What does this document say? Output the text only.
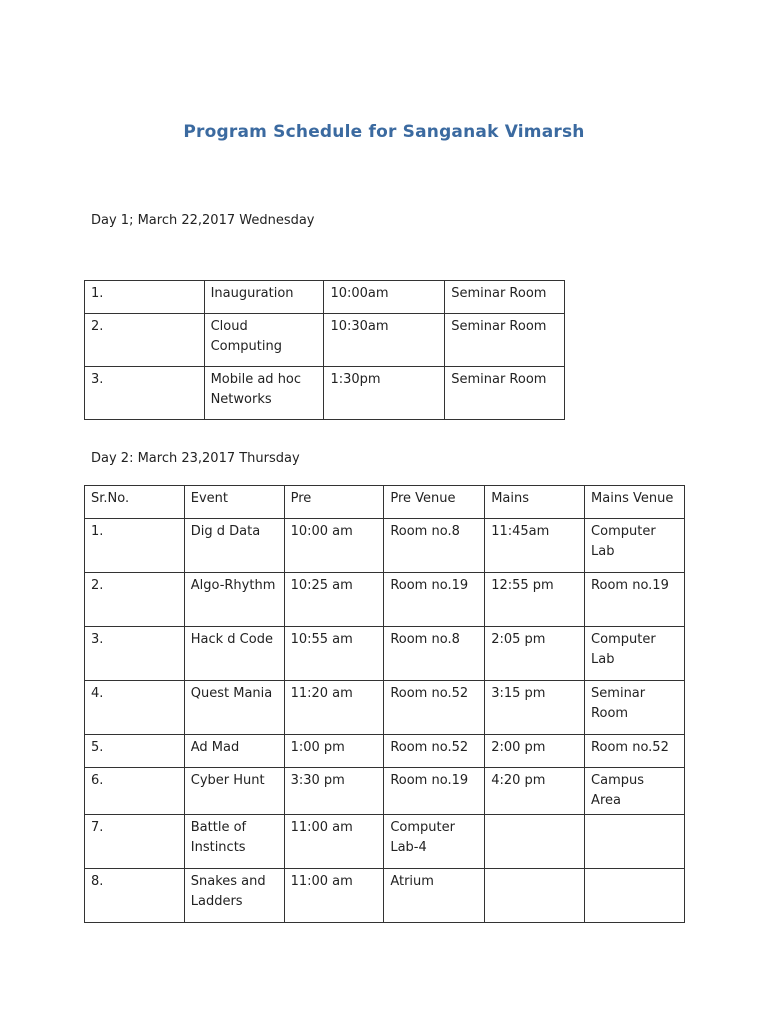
Program Schedule for Sanganak Vimarsh
Day 1; March 22,2017 Wednesday
1.	Inauguration	10:00am	Seminar Room
2.	Cloud Computing	10:30am	Seminar Room
3.	Mobile ad hoc Networks	1:30pm	Seminar Room
Day 2: March 23,2017 Thursday
Sr.No.	Event	Pre	Pre Venue	Mains	Mains Venue
1.	Dig d Data	10:00 am	Room no.8	11:45am	Computer Lab
2.	Algo-Rhythm	10:25 am	Room no.19	12:55 pm	Room no.19
3.	Hack d Code	10:55 am	Room no.8	2:05 pm	Computer Lab
4.	Quest Mania	11:20 am	Room no.52	3:15 pm	Seminar Room
5.	Ad Mad	1:00 pm	Room no.52	2:00 pm	Room no.52
6.	Cyber Hunt	3:30 pm	Room no.19	4:20 pm	Campus Area
7.	Battle of Instincts	11:00 am	Computer Lab-4		
8.	Snakes and Ladders	11:00 am	Atrium		
